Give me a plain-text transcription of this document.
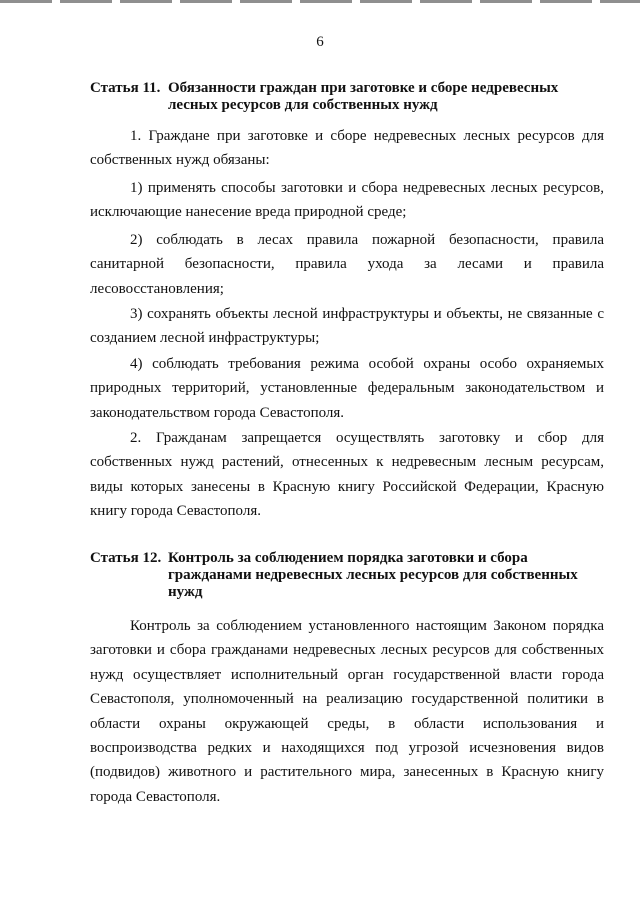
6
Статья 11. Обязанности граждан при заготовке и сборе недревесных лесных ресурсов для собственных нужд
1. Граждане при заготовке и сборе недревесных лесных ресурсов для собственных нужд обязаны:
1) применять способы заготовки и сбора недревесных лесных ресурсов, исключающие нанесение вреда природной среде;
2) соблюдать в лесах правила пожарной безопасности, правила санитарной безопасности, правила ухода за лесами и правила лесовосстановления;
3) сохранять объекты лесной инфраструктуры и объекты, не связанные с созданием лесной инфраструктуры;
4) соблюдать требования режима особой охраны особо охраняемых природных территорий, установленные федеральным законодательством и законодательством города Севастополя.
2. Гражданам запрещается осуществлять заготовку и сбор для собственных нужд растений, отнесенных к недревесным лесным ресурсам, виды которых занесены в Красную книгу Российской Федерации, Красную книгу города Севастополя.
Статья 12. Контроль за соблюдением порядка заготовки и сбора гражданами недревесных лесных ресурсов для собственных нужд
Контроль за соблюдением установленного настоящим Законом порядка заготовки и сбора гражданами недревесных лесных ресурсов для собственных нужд осуществляет исполнительный орган государственной власти города Севастополя, уполномоченный на реализацию государственной политики в области охраны окружающей среды, в области использования и воспроизводства редких и находящихся под угрозой исчезновения видов (подвидов) животного и растительного мира, занесенных в Красную книгу города Севастополя.
